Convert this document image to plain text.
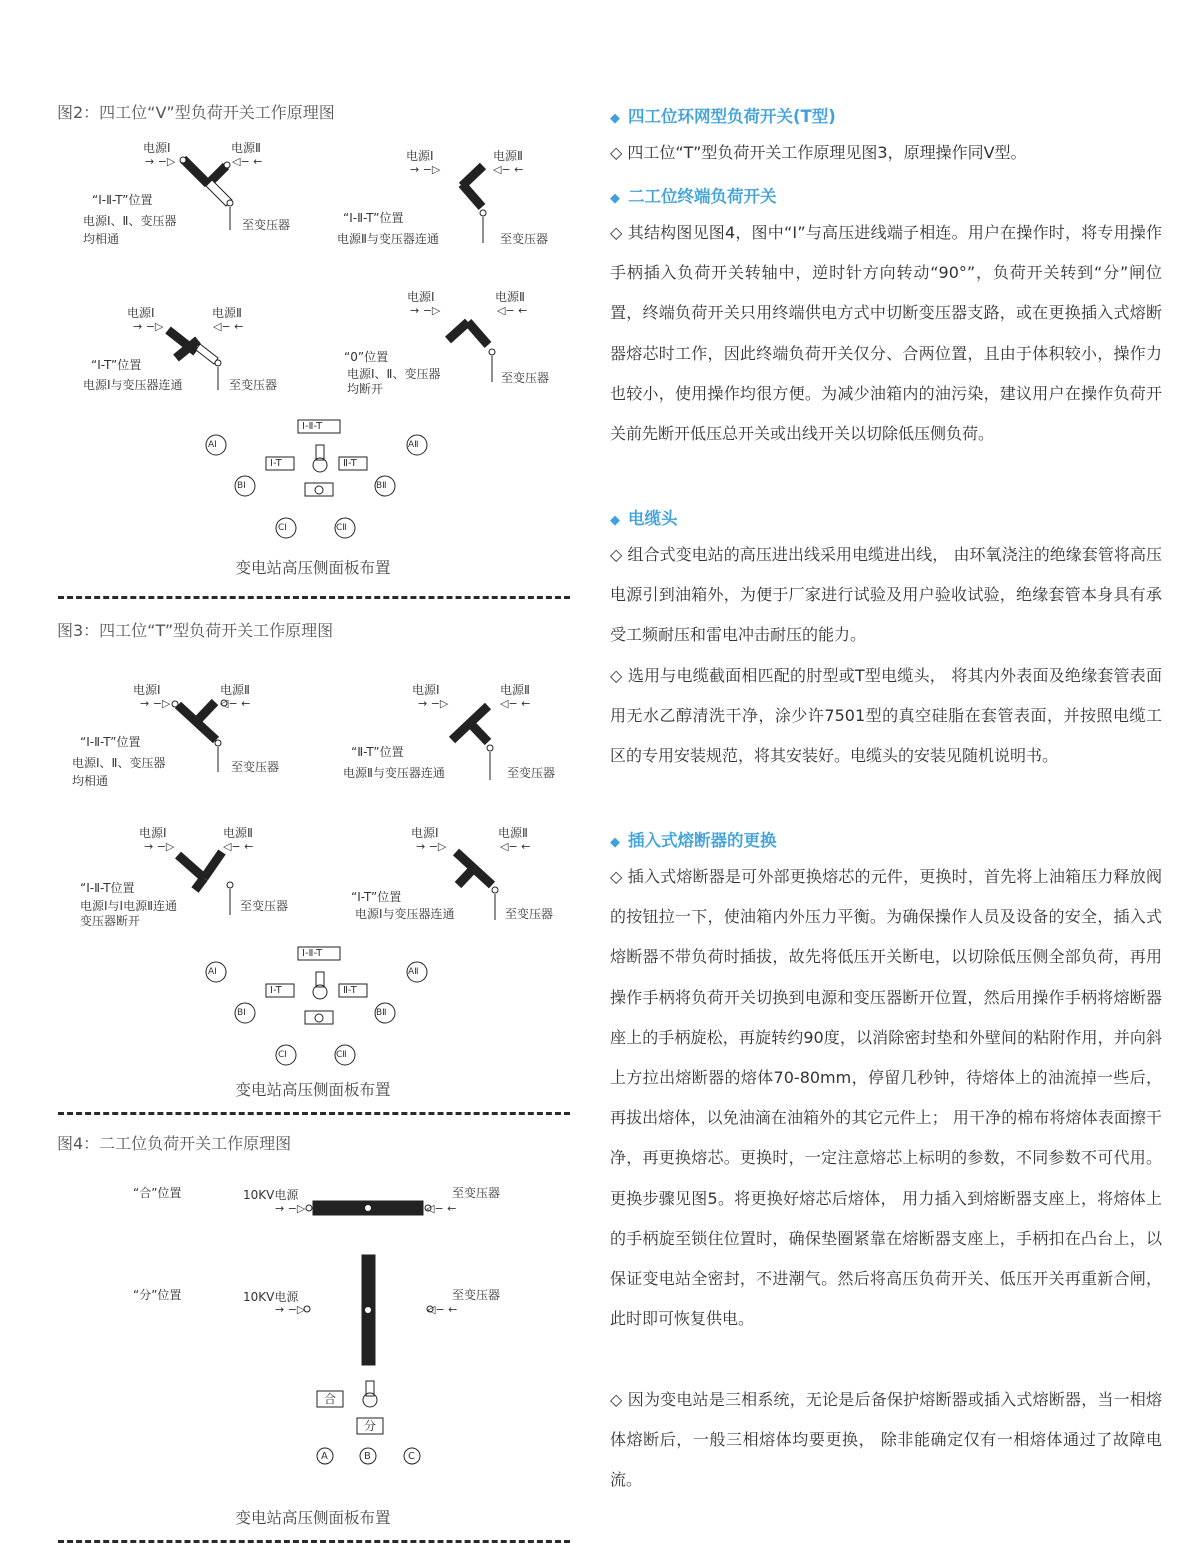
图2：四工位“V”型负荷开关工作原理图
电源Ⅰ	电源Ⅱ
→ −▷	◁− ←
“Ⅰ-Ⅱ-T”位置
电源Ⅰ、Ⅱ、变压器
均相通
至变压器
电源Ⅰ	电源Ⅱ
→ −▷	◁− ←
“Ⅰ-Ⅱ-T”位置
电源Ⅱ与变压器连通	至变压器
电源Ⅰ	电源Ⅱ
→ −▷	◁− ←
“Ⅰ-T”位置
电源Ⅰ与变压器连通	至变压器
电源Ⅰ	电源Ⅱ
→ −▷	◁− ←
“0”位置
电源Ⅰ、Ⅱ、变压器
均断开
至变压器
Ⅰ-Ⅱ-T
Ⅰ-T	Ⅱ-T
AⅠ	AⅡ
BⅠ	BⅡ
CⅠ	CⅡ
变电站高压侧面板布置
图3：四工位“T”型负荷开关工作原理图
电源Ⅰ	电源Ⅱ
→ −▷	◁− ←
“Ⅰ-Ⅱ-T”位置
电源Ⅰ、Ⅱ、变压器
均相通
至变压器
电源Ⅰ	电源Ⅱ
→ −▷	◁− ←
“Ⅱ-T”位置
电源Ⅱ与变压器连通	至变压器
电源Ⅰ	电源Ⅱ
→ −▷	◁− ←
“Ⅰ-Ⅱ-T位置
电源Ⅰ与Ⅰ电源Ⅱ连通
变压器断开
至变压器
电源Ⅰ	电源Ⅱ
→ −▷	◁− ←
“Ⅰ-T”位置
电源Ⅰ与变压器连通	至变压器
Ⅰ-Ⅱ-T
Ⅰ-T	Ⅱ-T
AⅠ	AⅡ
BⅠ	BⅡ
CⅠ	CⅡ
变电站高压侧面板布置
图4：二工位负荷开关工作原理图
“合”位置	10KV电源
→ −▷
至变压器
◁− ←
“分”位置	10KV电源
→ −▷
至变压器
◁− ←
合
分
A	B	C
变电站高压侧面板布置
◆ 四工位环网型负荷开关(T型)

◇ 四工位“T”型负荷开关工作原理见图3，原理操作同V型。

◆ 二工位终端负荷开关

◇ 其结构图见图4，图中“Ⅰ”与高压进线端子相连。用户在操作时，将专用操作手柄插入负荷开关转轴中，逆时针方向转动“90°”，负荷开关转到“分”闸位置，终端负荷开关只用终端供电方式中切断变压器支路，或在更换插入式熔断器熔芯时工作，因此终端负荷开关仅分、合两位置，且由于体积较小，操作力也较小，使用操作均很方便。为减少油箱内的油污染，建议用户在操作负荷开关前先断开低压总开关或出线开关以切除低压侧负荷。

◆ 电缆头

◇ 组合式变电站的高压进出线采用电缆进出线， 由环氧浇注的绝缘套管将高压电源引到油箱外，为便于厂家进行试验及用户验收试验，绝缘套管本身具有承受工频耐压和雷电冲击耐压的能力。

◇ 选用与电缆截面相匹配的肘型或T型电缆头， 将其内外表面及绝缘套管表面用无水乙醇清洗干净，涂少许7501型的真空硅脂在套管表面，并按照电缆工区的专用安装规范，将其安装好。电缆头的安装见随机说明书。

◆ 插入式熔断器的更换

◇ 插入式熔断器是可外部更换熔芯的元件，更换时，首先将上油箱压力释放阀的按钮拉一下，使油箱内外压力平衡。为确保操作人员及设备的安全，插入式熔断器不带负荷时插拔，故先将低压开关断电，以切除低压侧全部负荷，再用操作手柄将负荷开关切换到电源和变压器断开位置，然后用操作手柄将熔断器座上的手柄旋松，再旋转约90度，以消除密封垫和外壁间的粘附作用，并向斜上方拉出熔断器的熔体70-80mm，停留几秒钟，待熔体上的油流掉一些后，再拔出熔体，以免油滴在油箱外的其它元件上； 用干净的棉布将熔体表面擦干净，再更换熔芯。更换时，一定注意熔芯上标明的参数，不同参数不可代用。更换步骤见图5。将更换好熔芯后熔体， 用力插入到熔断器支座上，将熔体上的手柄旋至锁住位置时，确保垫圈紧靠在熔断器支座上，手柄扣在凸台上，以保证变电站全密封，不进潮气。然后将高压负荷开关、低压开关再重新合闸，此时即可恢复供电。

◇ 因为变电站是三相系统，无论是后备保护熔断器或插入式熔断器，当一相熔体熔断后，一般三相熔体均要更换， 除非能确定仅有一相熔体通过了故障电流。
